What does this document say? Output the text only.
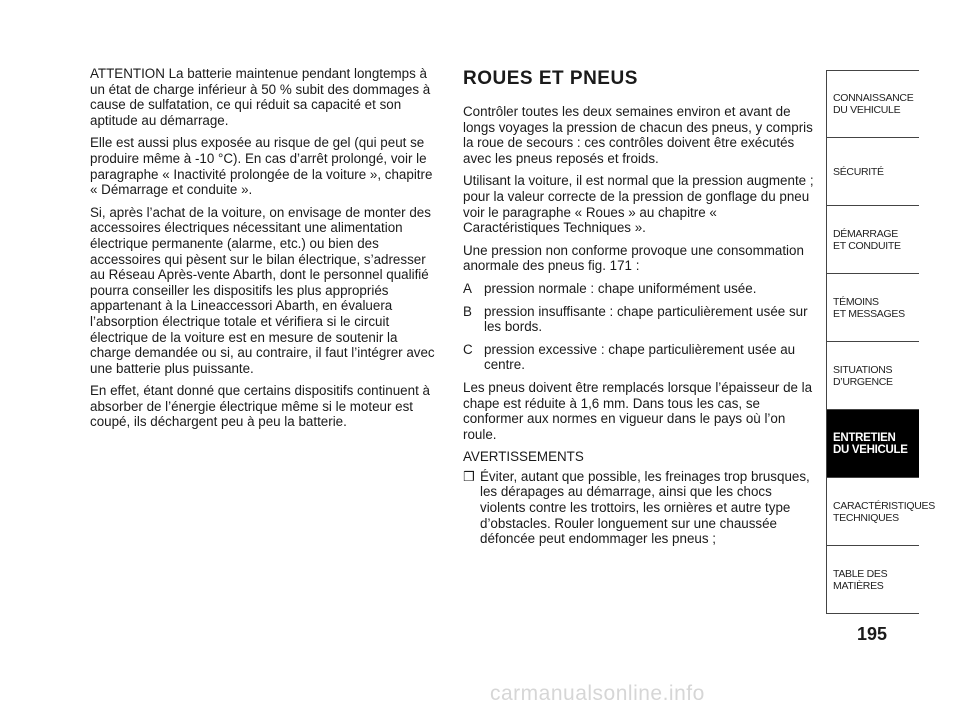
ATTENTION La batterie maintenue pendant longtemps à un état de charge inférieur à 50 % subit des dommages à cause de sulfatation, ce qui réduit sa capacité et son aptitude au démarrage.

Elle est aussi plus exposée au risque de gel (qui peut se produire même à -10 °C). En cas d’arrêt prolongé, voir le paragraphe « Inactivité prolongée de la voiture », chapitre « Démarrage et conduite ».

Si, après l’achat de la voiture, on envisage de monter des accessoires électriques nécessitant une alimentation électrique permanente (alarme, etc.) ou bien des accessoires qui pèsent sur le bilan électrique, s’adresser au Réseau Après-vente Abarth, dont le personnel qualifié pourra conseiller les dispositifs les plus appropriés appartenant à la Lineaccessori Abarth, en évaluera l’absorption électrique totale et vérifiera si le circuit électrique de la voiture est en mesure de soutenir la charge demandée ou si, au contraire, il faut l’intégrer avec une batterie plus puissante.

En effet, étant donné que certains dispositifs continuent à absorber de l’énergie électrique même si le moteur est coupé, ils déchargent peu à peu la batterie.

ROUES ET PNEUS

Contrôler toutes les deux semaines environ et avant de longs voyages la pression de chacun des pneus, y compris la roue de secours : ces contrôles doivent être exécutés avec les pneus reposés et froids.

Utilisant la voiture, il est normal que la pression augmente ; pour la valeur correcte de la pression de gonflage du pneu voir le paragraphe « Roues » au chapitre « Caractéristiques Techniques ».

Une pression non conforme provoque une consommation anormale des pneus fig. 171 :

A pression normale : chape uniformément usée.
B pression insuffisante : chape particulièrement usée sur les bords.
C pression excessive : chape particulièrement usée au centre.

Les pneus doivent être remplacés lorsque l’épaisseur de la chape est réduite à 1,6 mm. Dans tous les cas, se conformer aux normes en vigueur dans le pays où l’on roule.

AVERTISSEMENTS

❒ Éviter, autant que possible, les freinages trop brusques, les dérapages au démarrage, ainsi que les chocs violents contre les trottoirs, les ornières et autre type d’obstacles. Rouler longuement sur une chaussée défoncée peut endommager les pneus ;
CONNAISSANCE
DU VEHICULE
SÉCURITÉ
DÉMARRAGE
ET CONDUITE
TÉMOINS
ET MESSAGES
SITUATIONS
D’URGENCE
ENTRETIEN
DU VEHICULE
CARACTÉRISTIQUES
TECHNIQUES
TABLE DES
MATIÈRES
195
carmanualsonline.info
